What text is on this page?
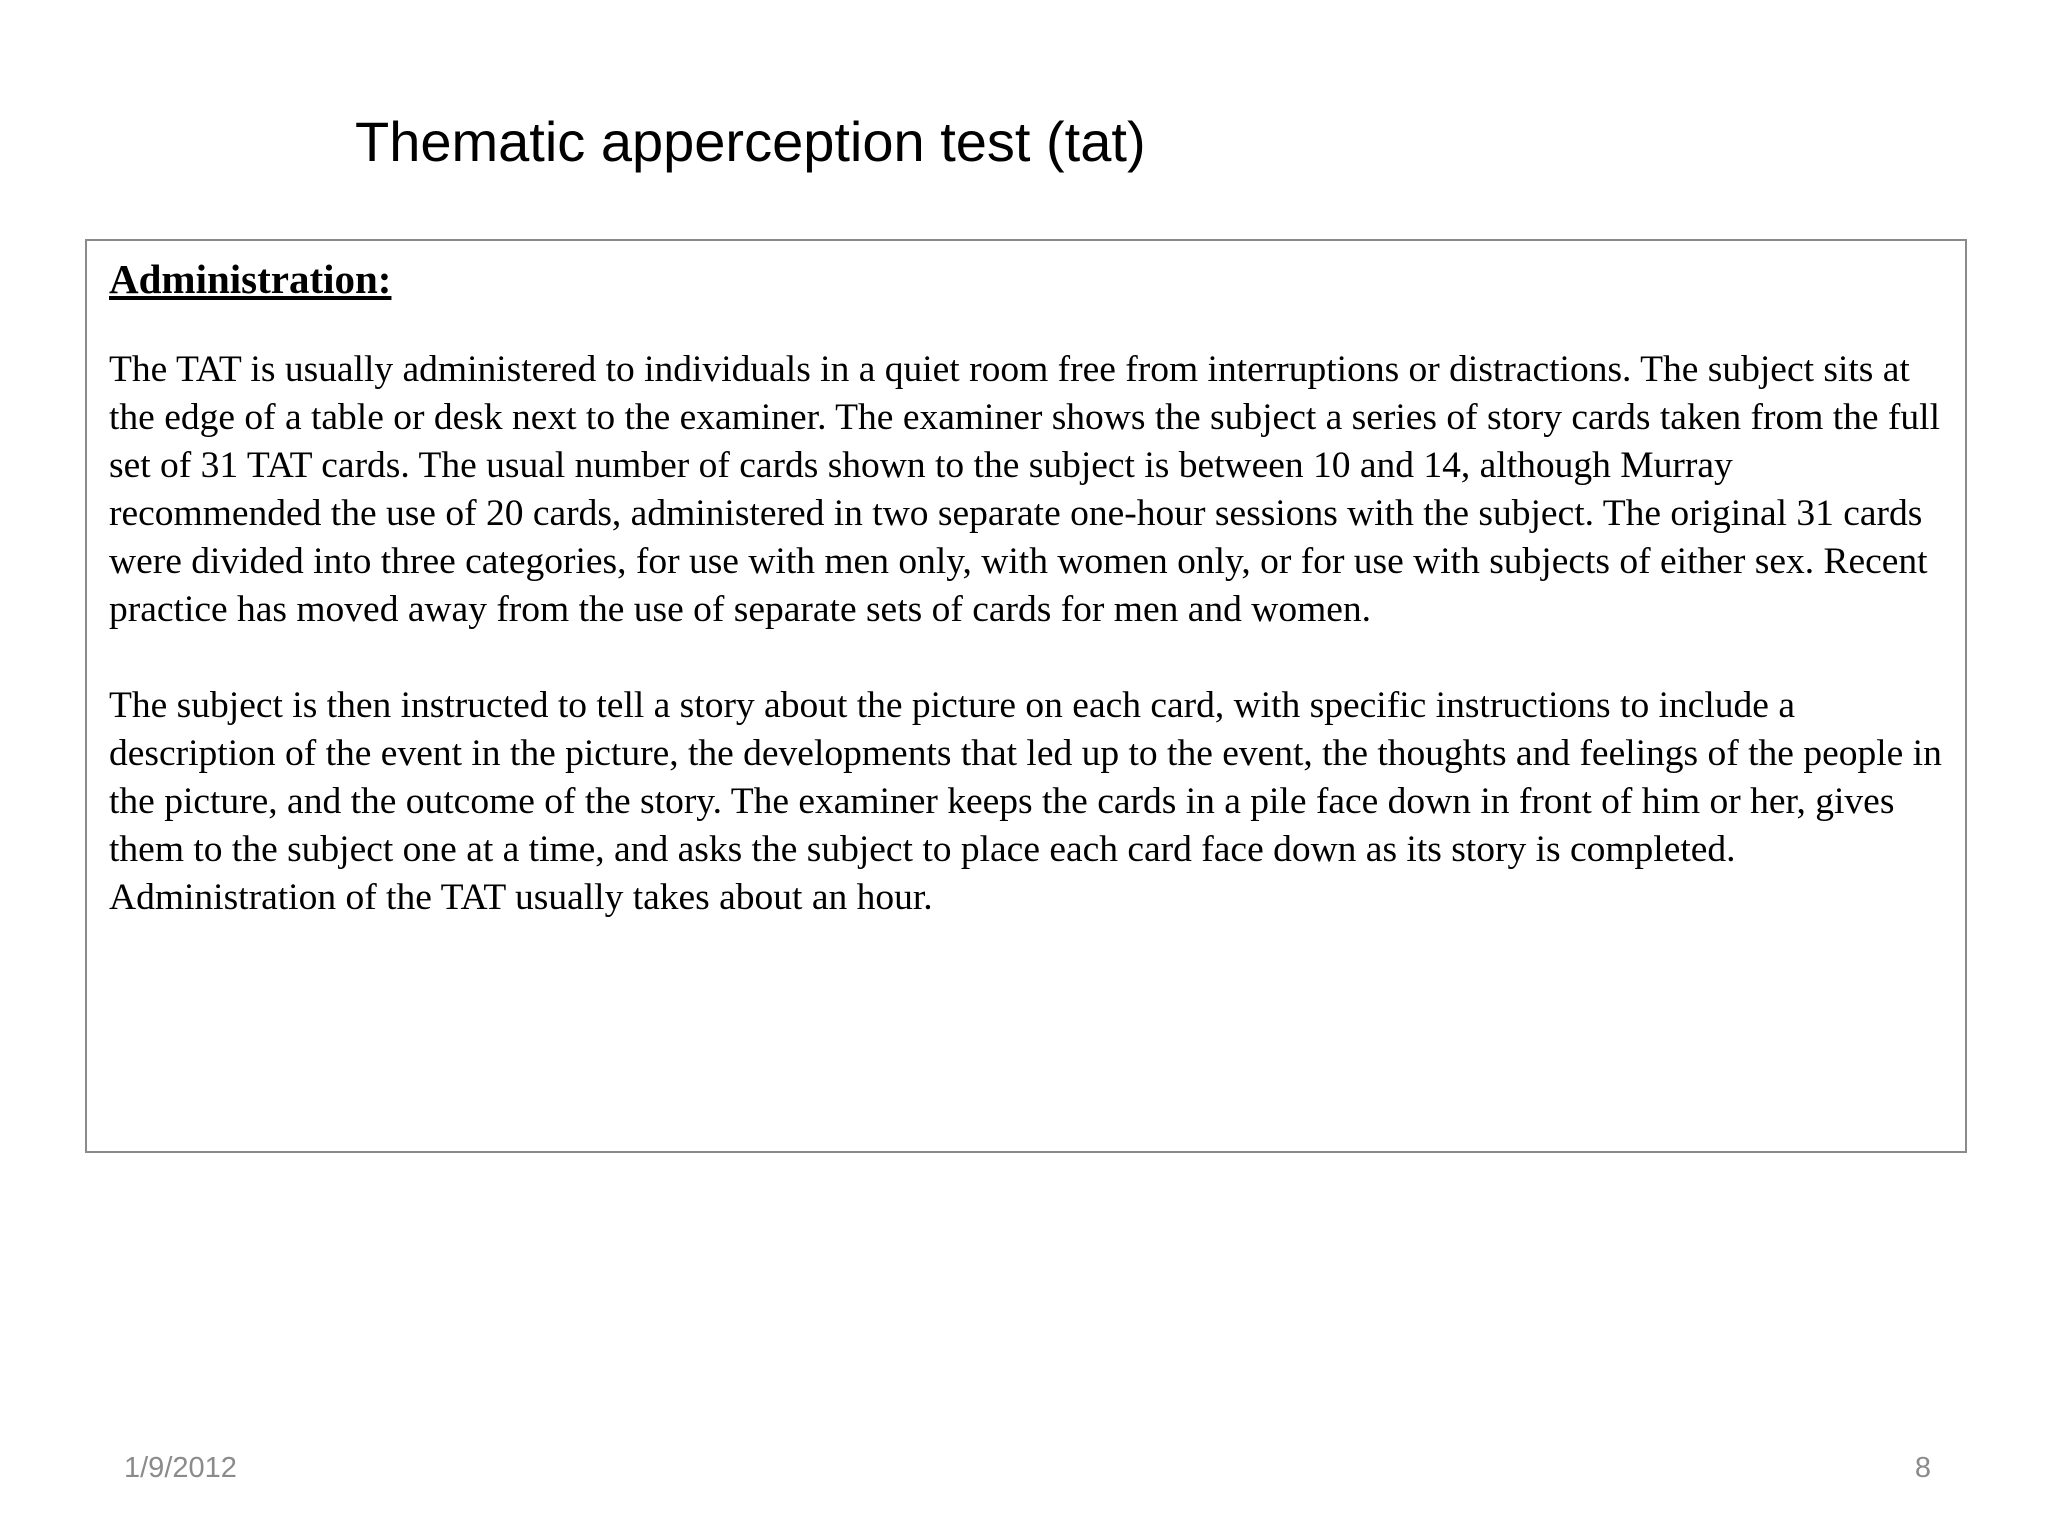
Thematic apperception test (tat)

Administration:

The TAT is usually administered to individuals in a quiet room free from interruptions or distractions. The subject sits at the edge of a table or desk next to the examiner. The examiner shows the subject a series of story cards taken from the full set of 31 TAT cards. The usual number of cards shown to the subject is between 10 and 14, although Murray recommended the use of 20 cards, administered in two separate one-hour sessions with the subject. The original 31 cards were divided into three categories, for use with men only, with women only, or for use with subjects of either sex. Recent practice has moved away from the use of separate sets of cards for men and women.

The subject is then instructed to tell a story about the picture on each card, with specific instructions to include a description of the event in the picture, the developments that led up to the event, the thoughts and feelings of the people in the picture, and the outcome of the story. The examiner keeps the cards in a pile face down in front of him or her, gives them to the subject one at a time, and asks the subject to place each card face down as its story is completed. Administration of the TAT usually takes about an hour.

1/9/2012	8
